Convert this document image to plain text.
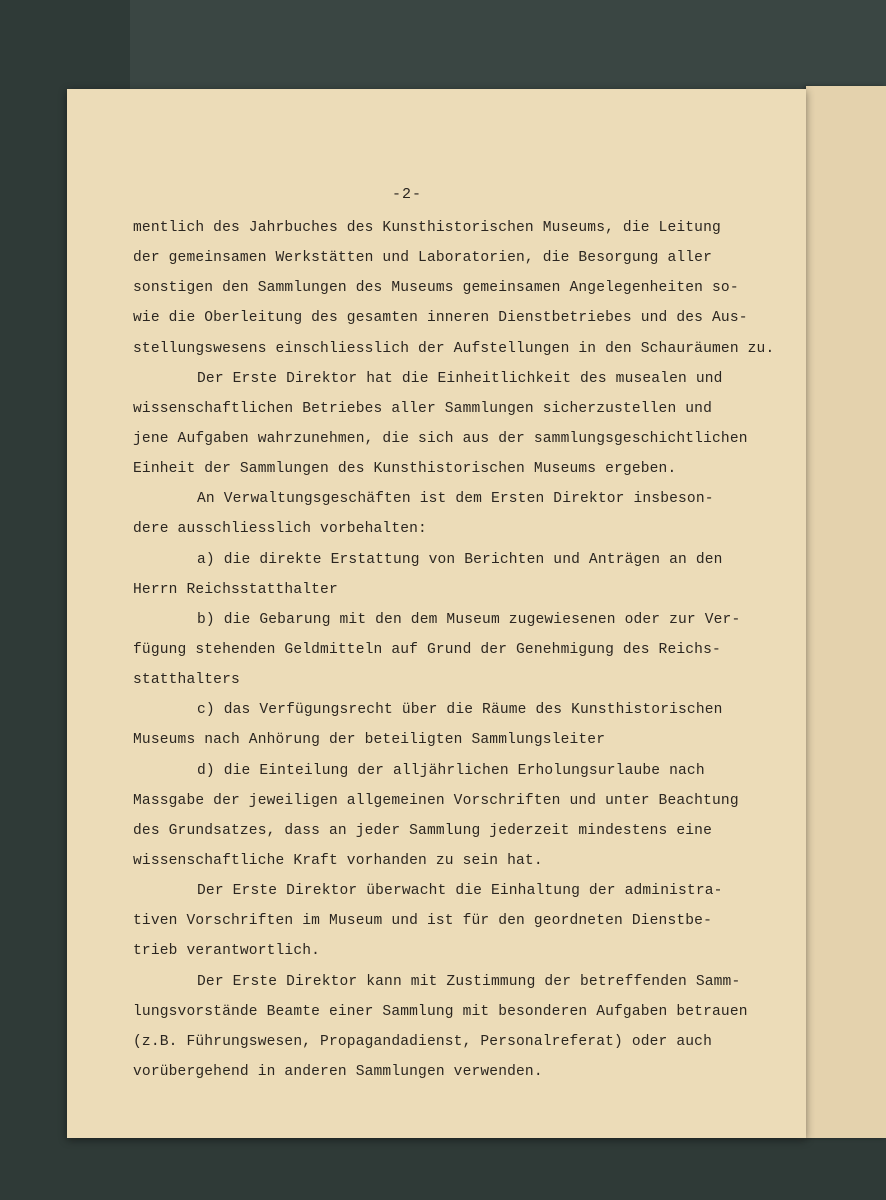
-2-
mentlich des Jahrbuches des Kunsthistorischen Museums, die Leitung
der gemeinsamen Werkstätten und Laboratorien, die Besorgung aller
sonstigen den Sammlungen des Museums gemeinsamen Angelegenheiten so-
wie die Oberleitung des gesamten inneren Dienstbetriebes und des Aus-
stellungswesens einschliesslich der Aufstellungen in den Schauräumen zu.
Der Erste Direktor hat die Einheitlichkeit des musealen und
wissenschaftlichen Betriebes aller Sammlungen sicherzustellen und
jene Aufgaben wahrzunehmen, die sich aus der sammlungsgeschichtlichen
Einheit der Sammlungen des Kunsthistorischen Museums ergeben.
An Verwaltungsgeschäften ist dem Ersten Direktor insbeson-
dere ausschliesslich vorbehalten:
a) die direkte Erstattung von Berichten und Anträgen an den
Herrn Reichsstatthalter
b) die Gebarung mit den dem Museum zugewiesenen oder zur Ver-
fügung stehenden Geldmitteln auf Grund der Genehmigung des Reichs-
statthalters
c) das Verfügungsrecht über die Räume des Kunsthistorischen
Museums nach Anhörung der beteiligten Sammlungsleiter
d) die Einteilung der alljährlichen Erholungsurlaube nach
Massgabe der jeweiligen allgemeinen Vorschriften und unter Beachtung
des Grundsatzes, dass an jeder Sammlung jederzeit mindestens eine
wissenschaftliche Kraft vorhanden zu sein hat.
Der Erste Direktor überwacht die Einhaltung der administra-
tiven Vorschriften im Museum und ist für den geordneten Dienstbe-
trieb verantwortlich.
Der Erste Direktor kann mit Zustimmung der betreffenden Samm-
lungsvorstände Beamte einer Sammlung mit besonderen Aufgaben betrauen
(z.B. Führungswesen, Propagandadienst, Personalreferat) oder auch
vorübergehend in anderen Sammlungen verwenden.
